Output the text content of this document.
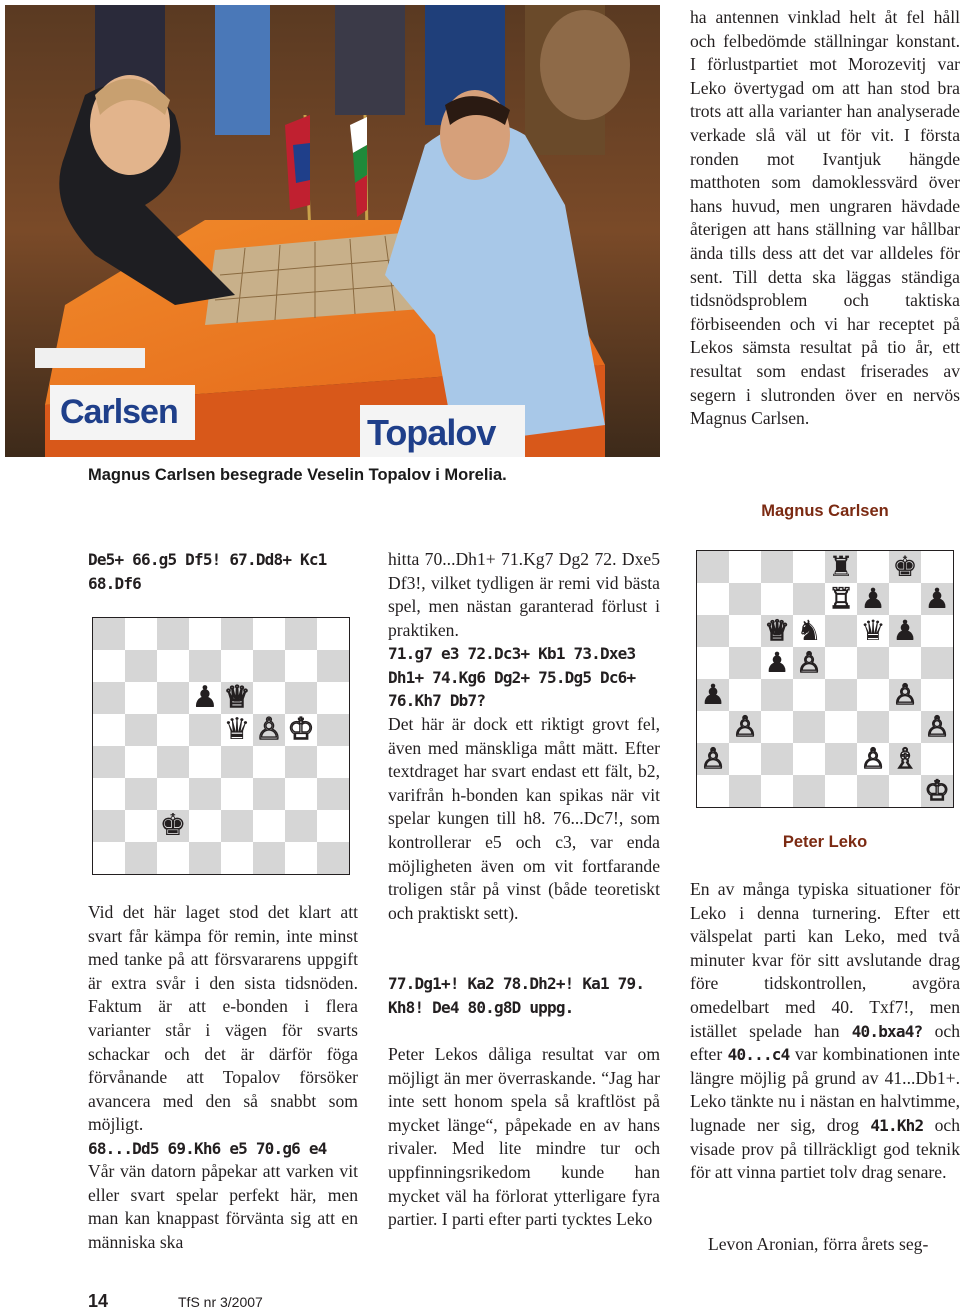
Carlsen	Topalov
Magnus Carlsen besegrade Veselin Topalov i Morelia.
ha antennen vinklad helt åt fel håll och felbedömde ställningar konstant. I förlustpartiet mot Morozevitj var Leko övertygad om att han stod bra trots att alla varianter han analyserade verkade slå väl ut för vit. I första ronden mot Ivantjuk hängde matthoten som damoklessvärd över hans huvud, men ungraren hävdade återigen att hans ställning var hållbar ända tills dess att det var alldeles för sent. Till detta ska läggas ständiga tidsnödsproblem och taktiska förbiseenden och vi har receptet på Lekos sämsta resultat på tio år, ett resultat som endast friserades av segern i slutronden över en nervös Magnus Carlsen.
Magnus Carlsen
♜ ♚
♖ ♟ ♟
♕ ♞ ♛ ♟
♟ ♙
♟	♙
♙	♙
♙	♙ ♗
♔
Peter Leko
De5+ 66.g5 Df5! 67.Dd8+ Kc1
68.Df6
♟ ♕
♛ ♙ ♔
♚
Vid det här laget stod det klart att svart får kämpa för remin, inte minst med tanke på att försvararens uppgift är extra svår i den sista tidsnöden. Faktum är att e-bonden i flera varianter står i vägen för svarts schackar och det är därför föga förvånande att Topalov försöker avancera med den så snabbt som möjligt.
68...Dd5 69.Kh6 e5 70.g6 e4
Vår vän datorn påpekar att varken vit eller svart spelar perfekt här, men man kan knappast förvänta sig att en människa ska
hitta 70...Dh1+ 71.Kg7 Dg2 72. Dxe5 Df3!, vilket tydligen är remi vid bästa spel, men nästan garanterad förlust i praktiken.
71.g7 e3 72.Dc3+ Kb1 73.Dxe3 Dh1+ 74.Kg6 Dg2+ 75.Dg5 Dc6+ 76.Kh7 Db7?
Det här är dock ett riktigt grovt fel, även med mänskliga mått mätt. Efter textdraget har svart endast ett fält, b2, varifrån h-bonden kan spikas när vit spelar kungen till h8. 76...Dc7!, som kontrollerar e5 och c3, var enda möjligheten även om vit fortfarande troligen står på vinst (både teoretiskt och praktiskt sett).
77.Dg1+! Ka2 78.Dh2+! Ka1 79. Kh8! De4 80.g8D uppg.
Peter Lekos dåliga resultat var om möjligt än mer överraskande. “Jag har inte sett honom spela så kraftlöst på mycket länge“, påpekade en av hans rivaler. Med lite mindre tur och uppfinningsrikedom kunde han mycket väl ha förlorat ytterligare fyra partier. I parti efter parti tycktes Leko
En av många typiska situationer för Leko i denna turnering. Efter ett välspelat parti kan Leko, med två minuter kvar för sitt avslutande drag före tidskontrollen, avgöra omedelbart med 40. Txf7!, men istället spelade han 40.bxa4? och efter 40...c4 var kombinationen inte längre möjlig på grund av 41...Db1+. Leko tänkte nu i nästan en halvtimme, lugnade ner sig, drog 41.Kh2 och visade prov på tillräckligt god teknik för att vinna partiet tolv drag senare.
Levon Aronian, förra årets seg-
14	TfS nr 3/2007
